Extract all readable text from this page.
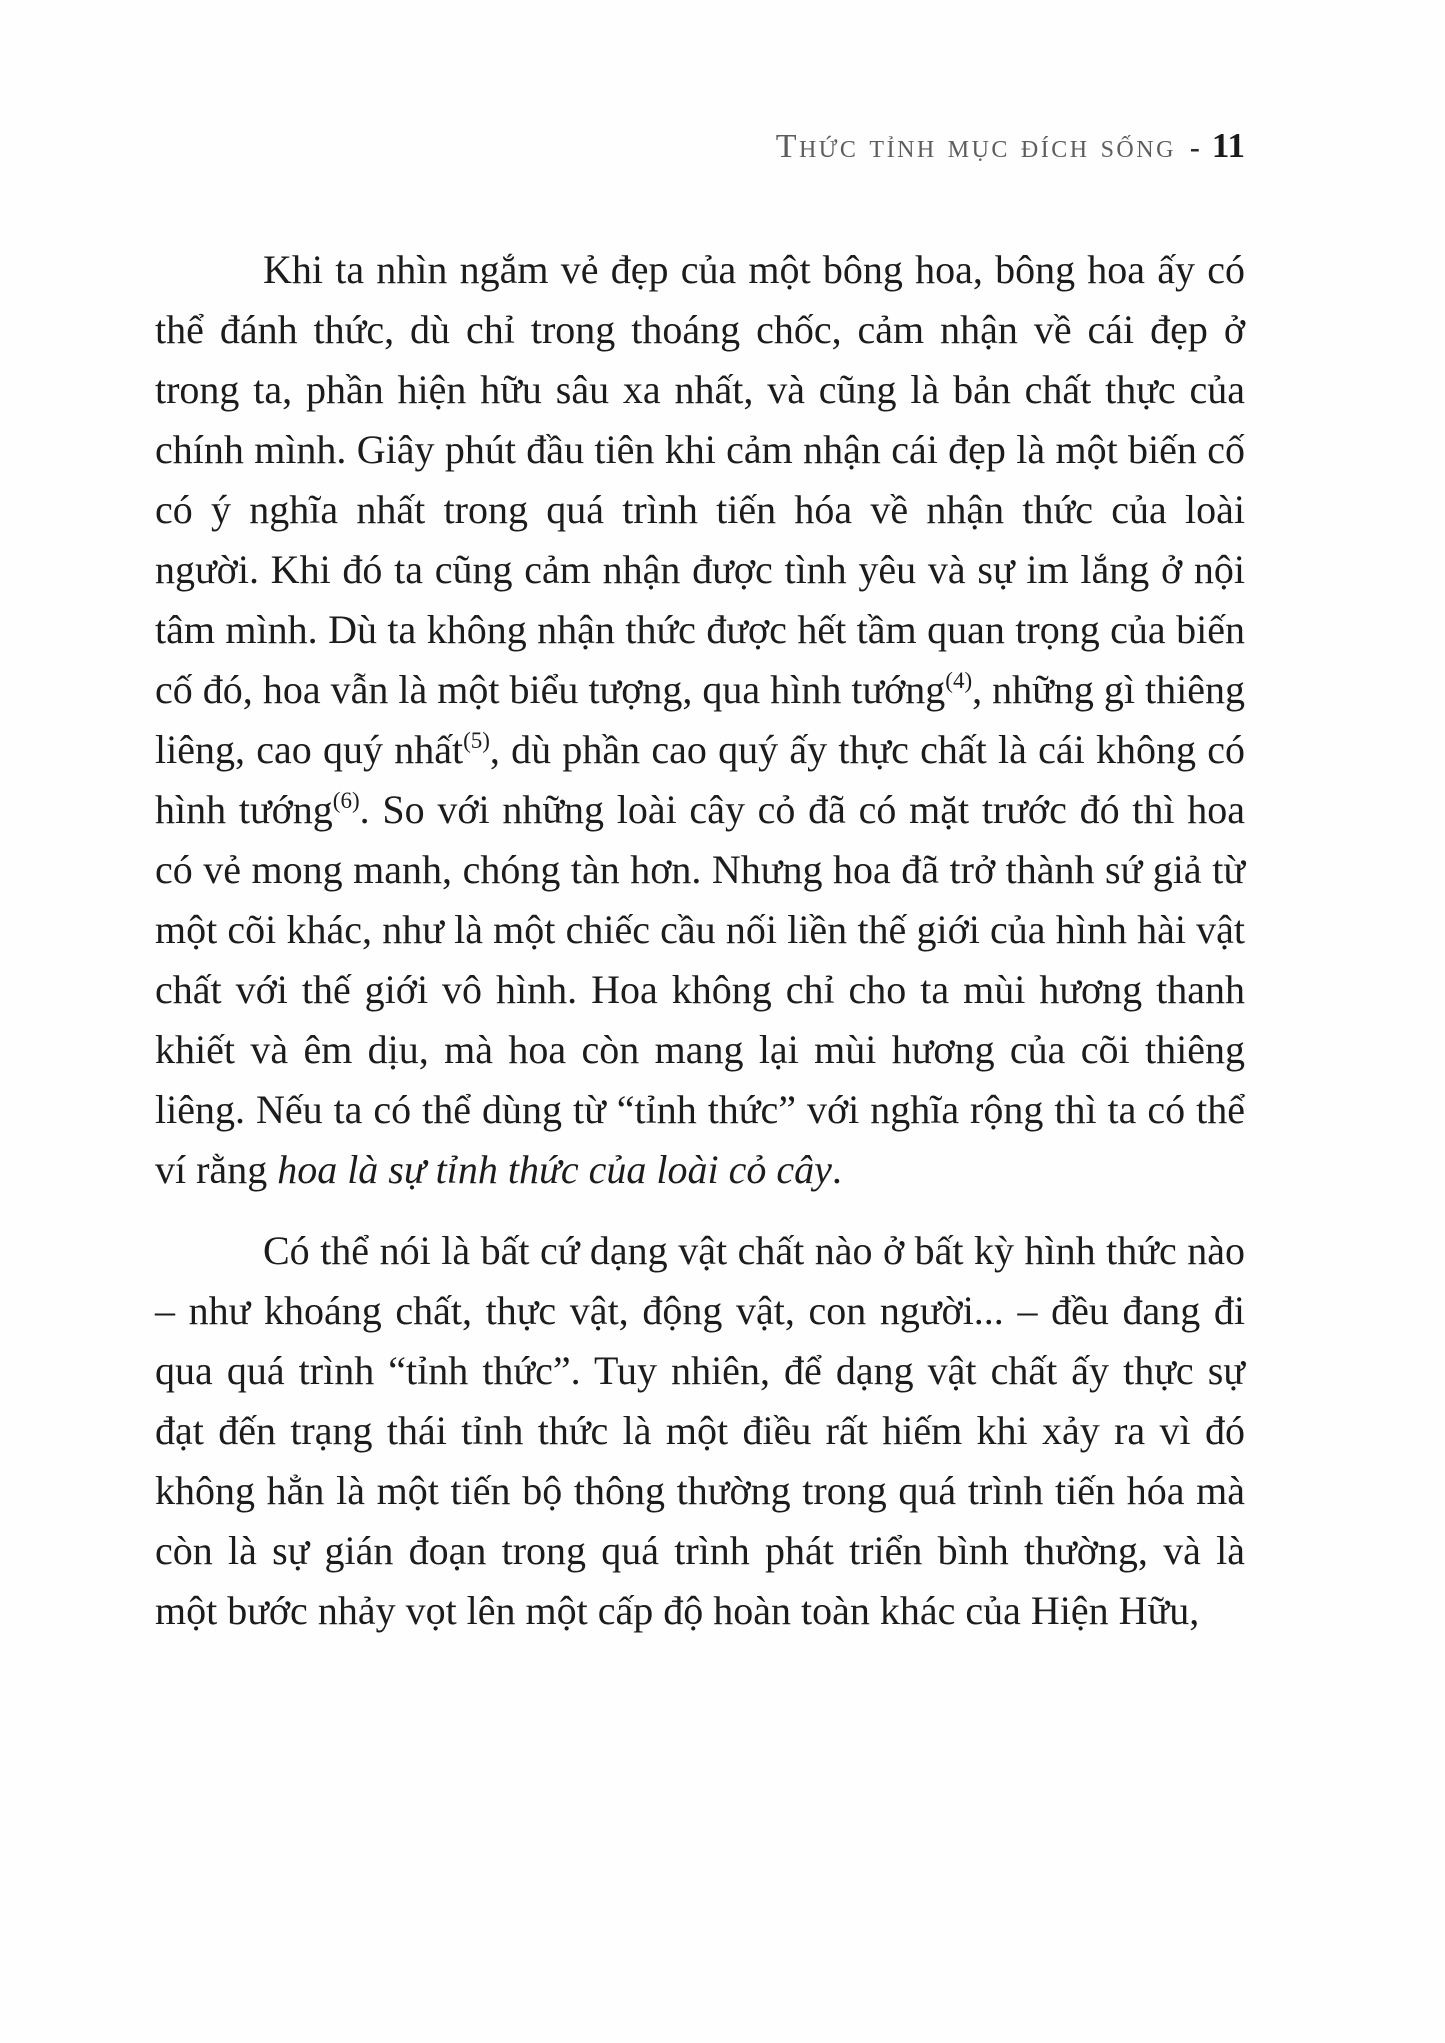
Thức tỉnh mục đích sống - 11

Khi ta nhìn ngắm vẻ đẹp của một bông hoa, bông hoa ấy có thể đánh thức, dù chỉ trong thoáng chốc, cảm nhận về cái đẹp ở trong ta, phần hiện hữu sâu xa nhất, và cũng là bản chất thực của chính mình. Giây phút đầu tiên khi cảm nhận cái đẹp là một biến cố có ý nghĩa nhất trong quá trình tiến hóa về nhận thức của loài người. Khi đó ta cũng cảm nhận được tình yêu và sự im lắng ở nội tâm mình. Dù ta không nhận thức được hết tầm quan trọng của biến cố đó, hoa vẫn là một biểu tượng, qua hình tướng$^{(4)}$, những gì thiêng liêng, cao quý nhất$^{(5)}$, dù phần cao quý ấy thực chất là cái không có hình tướng$^{(6)}$. So với những loài cây cỏ đã có mặt trước đó thì hoa có vẻ mong manh, chóng tàn hơn. Nhưng hoa đã trở thành sứ giả từ một cõi khác, như là một chiếc cầu nối liền thế giới của hình hài vật chất với thế giới vô hình. Hoa không chỉ cho ta mùi hương thanh khiết và êm dịu, mà hoa còn mang lại mùi hương của cõi thiêng liêng. Nếu ta có thể dùng từ “tỉnh thức” với nghĩa rộng thì ta có thể ví rằng hoa là sự tỉnh thức của loài cỏ cây.

Có thể nói là bất cứ dạng vật chất nào ở bất kỳ hình thức nào – như khoáng chất, thực vật, động vật, con người... – đều đang đi qua quá trình “tỉnh thức”. Tuy nhiên, để dạng vật chất ấy thực sự đạt đến trạng thái tỉnh thức là một điều rất hiếm khi xảy ra vì đó không hẳn là một tiến bộ thông thường trong quá trình tiến hóa mà còn là sự gián đoạn trong quá trình phát triển bình thường, và là một bước nhảy vọt lên một cấp độ hoàn toàn khác của Hiện Hữu,
